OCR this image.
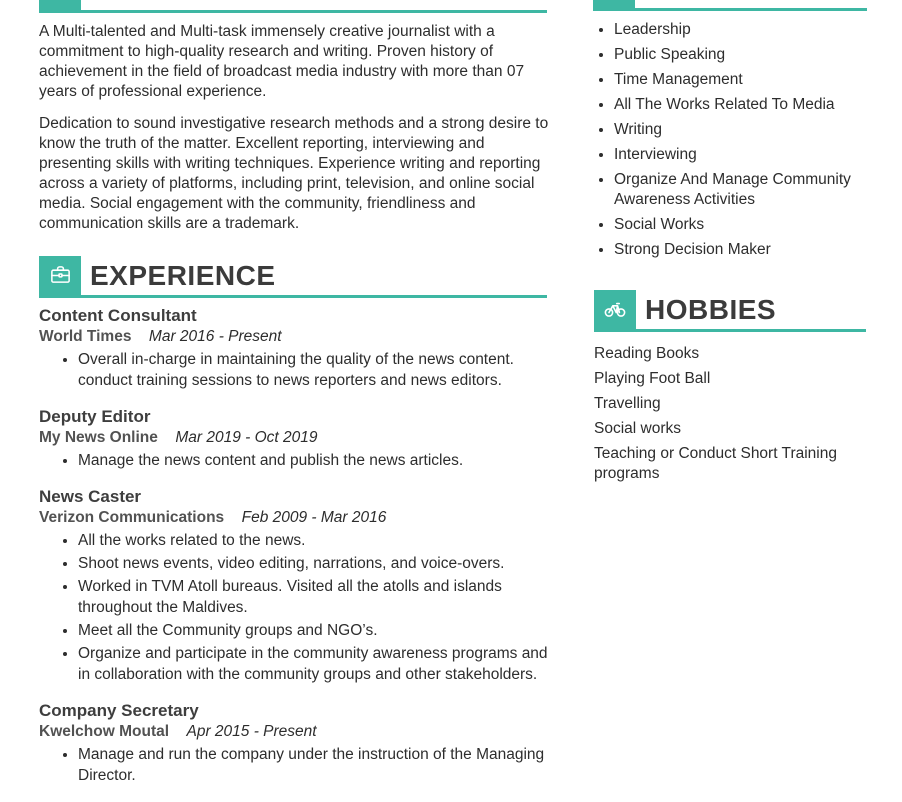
A Multi-talented and Multi-task immensely creative journalist with a commitment to high-quality research and writing. Proven history of achievement in the field of broadcast media industry with more than 07 years of professional experience.

Dedication to sound investigative research methods and a strong desire to know the truth of the matter. Excellent reporting, interviewing and presenting skills with writing techniques. Experience writing and reporting across a variety of platforms, including print, television, and online social media. Social engagement with the community, friendliness and communication skills are a trademark.

EXPERIENCE
Content Consultant
World Times Mar 2016 - Present
• Overall in-charge in maintaining the quality of the news content. conduct training sessions to news reporters and news editors.
Deputy Editor
My News Online Mar 2019 - Oct 2019
• Manage the news content and publish the news articles.
News Caster
Verizon Communications Feb 2009 - Mar 2016
• All the works related to the news.
• Shoot news events, video editing, narrations, and voice-overs.
• Worked in TVM Atoll bureaus. Visited all the atolls and islands throughout the Maldives.
• Meet all the Community groups and NGO’s.
• Organize and participate in the community awareness programs and in collaboration with the community groups and other stakeholders.
Company Secretary
Kwelchow Moutal Apr 2015 - Present
• Manage and run the company under the instruction of the Managing Director.
• Leadership
• Public Speaking
• Time Management
• All The Works Related To Media
• Writing
• Interviewing
• Organize And Manage Community Awareness Activities
• Social Works
• Strong Decision Maker
HOBBIES
Reading Books
Playing Foot Ball
Travelling
Social works
Teaching or Conduct Short Training programs
